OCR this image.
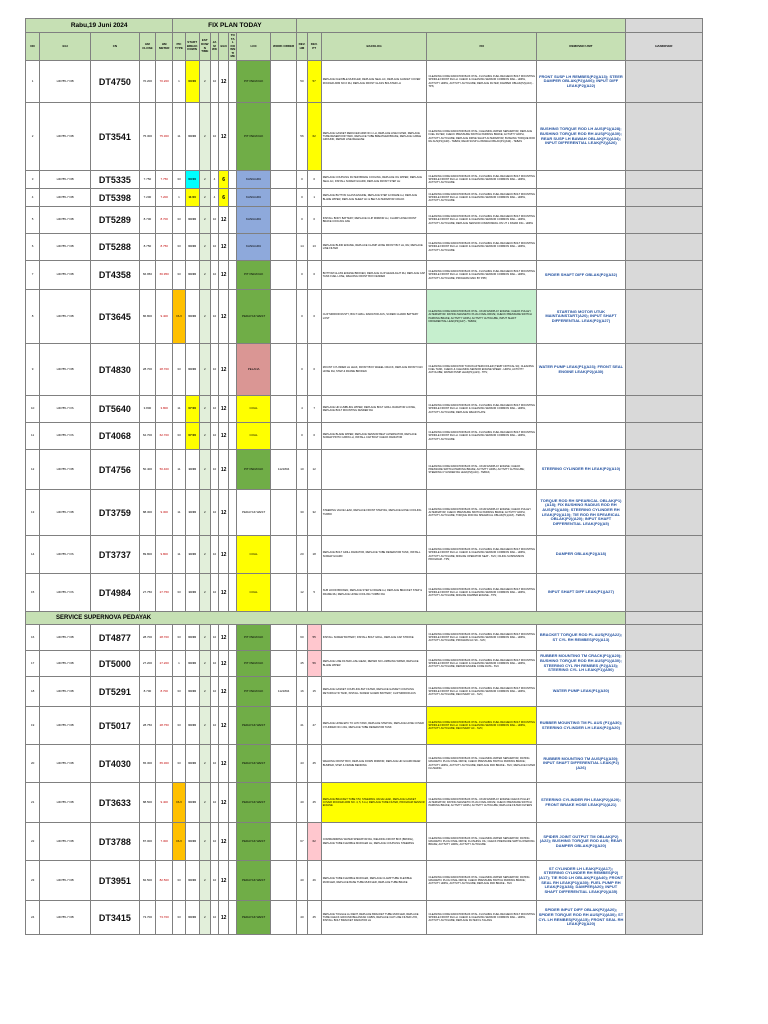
Rabu,19 Juni 2024					FIX PLAN TODAY													
NO	EGI	CN	HM CLOSE	HM METER	PIC TYPE	START BREAKDOWN	EST DOWN TIME	JAM WK	BLN	TOTAL DOWN TIME	LOC	WORK ORDER	DEV. HM	DEV. PT	BACKLOG	FIX	REMOVED UNIT	HANDOVER
1	HD785-7 DB	DT4750	70.200	70.200	1	03:00	2	10	12		PIT PEDAYAK		50	57	REPLACE FLEXIBLE MUFFLER, REPLACE SEAL AC, REPLACE GASKET COVER ROCKER ARM NO.6 RH, REPLACE FRONT GLASS BOLSTER LH	CLEANING CORE RADIATOR BAIK OTAL. FLUSHING FUEL RECHECK BOLT MOUNTING SPINDLE FRONT RH LH. CHECK & CLEANING SENSOR COMMON RAIL - HDPH, ACTIVITY HDPH, ACTIVITY AUTOLUBE; REPLACE FILTER; DAMPER OBLAK(P2)(A10) - TPS;	FRONT SUSP LH REMBES(P2)(A13); STEER DAMPER OBLAK(P2)(A06); INPUT DIFF LEAK(P2)(A22)	
2	HD785-7 DB	DT3541	75.300	75.300	11	03:00	2	10	12		PIT PEDAYAK		56	62	REPLACE GASKET REDUCER ARM NO.1 LH, REPLACE LINE FILTER, REPLACE TUBE RESERVOIR TANK, REPLACE TUBE BREATHER BRAKE, REPLACE CABLE GROUND, REPAIR LINE RELEASE	CLEANING CORE RADIATOR BAIK OTAL; CLEANING WATER SEPARATOR, REPLACE FUEL FILTER, CHECK PRESSURE SWITCH PARKING BRAKE; ACTIVITY HDPH, ACTIVITY AUTOLUBE; REPLACE DRIVE SHAFT ALTERNATOR; BUSHING TORQUE ROD RH AUS(P1)(A30) - TEBAS; REAR SUSP LH BAWAH OBLAK(P1)(A34) - TEBAS	BUSHING TORQUE ROD LH AUS(P1)(A28); BUSHING TORQUE ROD RH AUS(P1)(A30); REAR SUSP LH BAWAH OBLAK(P1)(A34); INPUT DIFFERENTIAL LEAK(P2)(A26)	
3	HD785-7 DB	DT5335	7.750	7.750	33	03:00	2	4	6		KANGGRU		0	0	REPLACE COUPLING FILTER BRAKE COOLING, REPLACE OIL WIPER, REPLACE SEAL AC, INSTALL SCREW GUARD, REPLACE FRONT STEP LH	CLEANING CORE RADIATOR BAIK OTAL, FLUSHING FUEL RECHECK BOLT MOUNTING SPINDLE FRONT RH LH. CHECK & CLEANING SENSOR COMMON RAIL - HDPH, ACTIVITY AUTOLUBE		
4	HD785-7 DB	DT5398	7.200	7.200	1	11:00	2	4	6		KANGGRU		0	1	REPLACE BUTTON GLASS ENGINE, REPLACE STEP & FRAME LH, REPLACE BLADE WIPER, REPLACE SHEET AC & BELT ALTERNATOR CRACK	CLEANING CORE RADIATOR BAIK OTAL. FLUSHING FUEL RECHECK BOLT MOUNTING SPINDLE FRONT RH LH. CHECK & CLEANING SENSOR COMMON RAIL - HDPH, ACTIVITY AUTOLUBE		
5	HD785-7 DB	DT5289	8.700	8.700	33	03:00	2	10	12		KANGGRU		0	0	INSTALL BODY BATTERY, REPLACE CLIP MIRROR LH, CLAMP HOSE FRONT BRAKE COOLING AXE	CLEANING CORE RADIATOR BAIK OTAL. FLUSHING FUEL RECHECK BOLT MOUNTING SPINDLE FRONT RH LH. CHECK & CLEANING SENSOR COMMON RAIL - HDPH, ACTIVITY AUTOLUBE; REPLACE SENSOR COMMONRAIL ON UT 1 KIMAR ING - HDPH		
6	HD785-7 DB	DT5288	8.750	8.750	33	03:00	2	10	12		KANGGRU		14	13	REPLACE BLIND ENGINE, REPLACE CLAMP HOSE FRONT BLT LH, RH; REPLACE LINE FILTER	CLEANING CORE RADIATOR BAIK OTAL. FLUSHING FUEL RECHECK BOLT MOUNTING SPINDLE FRONT RH LH. CHECK & CLEANING SENSOR COMMON RAIL - HDPH, ACTIVITY AUTOLUBE		
7	HD785-7 DB	DT4358	66.950	66.950	33	03:00	2	10	12		PIT PEDAYAK		0	0	BOTTOM GLASS ENGINE BROKEN, REPLACE CLIP HEADLIGHT RH, REPLACE CAP TANK FUEL LOSE, WELDING FRONT BOX FENDER	CLEANING CORE RADIATOR BAIK OTAL. FLUSHING FUEL RECHECK BOLT MOUNTING SPINDLE FRONT RH LH. CHECK & CLEANING SENSOR COMMON RAIL - HDPH, ACTIVITY AUTOLUBE; PROGRAM GMC BY PPD;	SPIDER SHAFT DIFF OBLAK(P2)(A32)	
8	HD785-7 DB	DT3645	86.800	9.400	DUI	03:00	2	10	12		PEDAYAK WEST		0	0	CLIP MIRROR RUSTY, BOLT GRILL RADIATOR AUS, SCREW GUARD BATTERY LOST	CLEANING CORE RADIATOR BAIK OTAL. UKUR ENDPLAY ENGINE; CHECK PULLEY ALTERNATOR. RATING MAGNETIC PLUG FINAL DRIVE; CHECK PRESSURE SWITCH PARKING BRAKE; ACTIVITY HDPH, ACTIVITY AUTOLUBE, INPUT SHAFT DIFFERENTIAL LEAK(P2)(A27) - TEBAS;	STARTING MOTOR UTUK MAINTAINSTART(A20); INPUT SHAFT DIFFERENTIAL LEAK(P2)(A27)	
9	HD785-7 DB	DT4830	28.700	28.700	33	03:00	2	10	12		PELANA		0	0	MOUNT CYLINDER LH LEAK, FRONT BOX WHEEL CRACK, REPLACE FRONT FAN HOSE RH, STEP & FRAME BROKEN	CLEANING CORE RADIATOR TURUN AFTERCOOLER (TEMP CRITICAL 94); CLEANING FUEL TANK, CHECK & CLEANING SENSOR ENGINE SPEED - HDPH, ACTIVITY AUTOLUBE; WATER PUMP LEAK(P1)(A23) - TPS;	WATER PUMP LEAK(P1)(A23); FRONT SEAL ENGINE LEAK(P2)(A30)	
10	HD785-7 DS	DT5640	3.800	3.800	11	07:00	2	10	12		COAL		4	7	REPLACE HD LUMBLING WIPER, REPLACE BOLT GRILL RADIATOR LOOSE, REPLACE BOLT MOUNTING FENDER RH	CLEANING CORE RADIATOR BAIK OTAL. FLUSHING FUEL RECHECK BOLT MOUNTING SPINDLE FRONT RH LH. CHECK & CLEANING SENSOR COMMON RAIL - HDPH, ACTIVITY AUTOLUBE; REPLACE WEAR PLATE		
11	HD785-7 DS	DT4068	62.700	62.700	33	07:00	2	10	12		COAL		0	0	REPLACE BLADE WIPER, REPLACE SENSOR BELT ALTERNATOR, REPLACE SCREW PINTU CABIN LH, INSTALL CAP BOLT CHECK RADIATOR	CLEANING CORE RADIATOR BAIK OTAL. FLUSHING FUEL RECHECK BOLT MOUNTING SPINDLE FRONT RH LH. CHECK & CLEANING SENSOR COMMON RAIL - HDPH, ACTIVITY AUTOLUBE		
12	HD785-7 DB	DT4756	50.400	50.400	11	13:00	2	10	12		PIT PEDAYAK	1121804	10	12		CLEANING CORE RADIATOR BAIK OTAL. UKUR ENDPLAY ENGINE; CHECK PRESSURE SWITCH PARKING BRAKE; ACTIVITY HDPH, ACTIVITY AUTOLUBE; STEERING CYLINDER RH LEAK(P2)(A10) - TEBAS;	STEERING CYLINDER RH LEAK(P2)(A10)	
13	HD785-7 DB	DT3759	88.300	9.300	11	13:00	2	10	12		PEDAYAK WEST		30	32	STEERING VALVE LEAK, REPLACE FRONT STEP RH, REPLACE HOSE COOLING TURBO	CLEANING CORE RADIATOR BAIK OTAL. UKUR ENDPLAY ENGINE; CHECK PULLEY ALTERNATOR; CHECK PRESSURE SWITCH PARKING BRAKE; ACTIVITY HDPH, ACTIVITY AUTOLUBE; TORQUE ROD RH SPEARICAL OBLAK(P1)(A18) - TEBAS;	TORQUE ROD RH SPEARICAL OBLAK(P1)(A18); FIX BUSHING RADIUS ROD RH AUS(P1)(A80); STEERING CYLINDER RH LEAK(P2)(A10); TIE ROD RH SPEARICAL OBLAK(P2)(A20); INPUT SHAFT DIFFERENTIAL LEAK(P2)(A5)	
14	HD785-7 DS	DT3737	89.800	9.800	11	13:00	2	10	12		COAL		20	18	REPLACE BOLT GRILL RADIATOR, REPLACE TUBE RESERVOIR TANK, INSTALL SCREW GUARD	CLEANING CORE RADIATOR BAIK OTAL. FLUSHING FUEL RECHECK BOLT MOUNTING SPINDLE FRONT RH LH. CHECK & CLEANING SENSOR COMMON RAIL - HDPH, ACTIVITY AUTOLUBE; MIDLIFE OPERATOR SEAT - SVC; OILING SUSPENSION PROGRAM - TPS;	DAMPER OBLAK(P2)(A18)	
15	HD785-7 DS	DT4984	27.750	27.750	33	13:00	2	10	12		COAL		12	5	SUB HOOD BROKEN, REPLACE STEP & FRAME LH, REPLACE BRACKET STEP & FRAME RH, REPLACE HOSE COOLING TURBO RH	CLEANING CORE RADIATOR BAIK OTAL. FLUSHING FUEL RECHECK BOLT MOUNTING SPINDLE FRONT RH LH. CHECK & CLEANING SENSOR COMMON RAIL - HDPH, ACTIVITY AUTOLUBE; MIDLIFE DAMPER ENGINE - TPS;	INPUT SHAFT DIFF LEAK(P1)(A27)	
SERVICE SUPERNOVA PEDAYAK																		
16	HD785-7 DB	DT4877	28.700	28.700	33	03:00	2	10	12		PIT PEDAYAK		60	55	INSTALL SCREW BATTERY, INSTALL BOLT GRILL, REPLACE CAP STROKE	CLEANING CORE RADIATOR BAIK OTAL. FLUSHING FUEL RECHECK BOLT MOUNTING SPINDLE FRONT RH LH. CHECK & CLEANING SENSOR COMMON RAIL - HDPH, ACTIVITY AUTOLUBE; PROGRAM AC SK - SVC;	BRACKET TORQUE ROD PL AUS(P2)(A22); ST CYL RH REMBES(P2)(A13)	
17	HD785-7 DB	DT5000	27.200	27.200	1	03:00	2	10	12		PIT PEDAYAK		45	56	REPLACE LINE FILTER LASH HEAD, REPAIR NO LUMBLING WIPER, REPLACE BLADE WIPER	CLEANING CORE RADIATOR BAIK OTAL. FLUSHING FUEL RECHECK BOLT MOUNTING SPINDLE FRONT RH LH. CHECK & CLEANING SENSOR COMMON RAIL - HDPH, ACTIVITY AUTOLUBE; REPAIR ENGINE CODE DATA - SVC	RUBBER MOUNTING TM CRACK(P1)(A20); BUSHING TORQUE ROD RH AUS(P1)(A30); STEERING CYL RH REMBES (P2)(A13); STEERING CYL LH LEAK(P1)(A50)	
18	HD785-7 DB	DT5291	8.700	8.700	33	03:00	2	10	12		PIT PEDAYAK	1121804	16	15	REPLACE GASKET COUPLING BLT FILTER, REPLACE GASKET COUPLING RETURN HYD TANK, INSTALL SCREW GUARD BATTERY, CLIP MIRROR AUS	CLEANING CORE RADIATOR BAIK OTAL. FLUSHING FUEL RECHECK BOLT MOUNTING SPINDLE FRONT RH LH. CHECK & CLEANING SENSOR COMMON RAIL - HDPH, ACTIVITY AUTOLUBE; RECOVERY AC - SVC;	WATER PUMP LEAK(P1)(A30)	
19	HD785-7 DB	DT5017	28.750	28.750	33	03:00	2	10	12		PEDAYAK WEST		41	47	REPLACE HOSE EPC TO HYD TANK, REPLACE STEP RH, REPLACE HOSE COVER CYLINDER NO.1 RH, REPLACE TUBE RESERVOIR TANK	CLEANING CORE RADIATOR BAIK OTAL. FLUSHING FUEL RECHECK BOLT MOUNTING SPINDLE FRONT RH LH. CHECK & CLEANING SENSOR COMMON RAIL - HDPH, ACTIVITY AUTOLUBE; RECOVERY AC - SVC;	RUBBER MOUNTING TM PL AUS (P1)(A30); STEERING CYLINDER LH LEAK(P2)(A20)	
20	HD785-7 DB	DT4030	65.300	65.300	33	03:00	2	10	12		PEDAYAK WEST		43	45	WELDING FRONT BOX, REPLACE DOWN MIRROR, REPLACE HD GUARD REAR BUMPER, STEP & FRAME BENDING	CLEANING CORE RADIATOR BAIK OTAL; CLEANING WATER SEPARATOR, RATING MAGNETIC PLUG FINAL DRIVE; CHECK PRESSURE SWITCH PARKING BRAKE; ACTIVITY HDPH, ACTIVITY AUTOLUBE; REPLACE PAD BRAKE - SVC; REPLACE FILTER FLUSHING	RUBBER MOUNTING TM AUS(P1)(A30); INPUT SHAFT DIFFERENTIAL LEAK(P2)(A26)	
21	HD785-7 DB	DT3633	88.500	9.400	DUI	03:00	2	10	12		PEDAYAK WEST		40	45	REPLACE BRACKET TUBE T/M, STEERING VALVE LEAK, REPLACE GASKET COVER ROCKER ARM NO. 4, 5, 6 LH, REPLACE TUBE FILTER, PROGRAM SENSOR ENGINE	CLEANING CORE RADIATOR BAIK OTAL. UKUR ENDPLAY ENGINE CHECK PULLEY ALTERNATOR, RATING MAGNETIC PLUG FINAL DRIVE; CHECK PRESSURE SWITCH PARKING BRAKE; ACTIVITY HDPH, ACTIVITY AUTOLUBE; REPLACE FILTER FILTERS	STEERING CYLINDER RH LEAK(P2)(A20); FRONT BRAKE HOSE LEAK(P1)(A21)	
22	HD785-7 DB	DT3788	87.000	7.300	DUI	03:00	2	10	12		PEDAYAK WEST		67	62	COMMANDRING WATER SPERATOR RH, WELDING FRONT BOX (BROKE), REPLACE TUBE FLEXIBLE MUFFLER LH, REPLACE COUPLING STEERING	CLEANING CORE RADIATOR BAIK OTAL; CLEANING WATER SEPARATOR, RATING MAGNETIC PLUG FINAL DRIVE; FLUSHING OIL; CHECK PRESSURE SWITCH PARKING BRAKE; ACTIVITY HDPH, ACTIVITY AUTOLUBE	SPIDER JOINT OUTPUT TM OBLAK(P2)(A22); BUSHING TORQUE ROD AUS; REAR DAMPER OBLAK(P2)(A20)	
23	HD785-7 DB	DT3951	82.500	82.500	33	03:00	2	10	12		PEDAYAK WEST		40	46	REPLACE TUBE FLEXIBLE MUFFLER, REPLACE CLAMP TUBE FLEXIBLE MUFFLER, REPLACE BASE TUBE MUFFLER, REPLACE TUBE BRAKE	CLEANING CORE RADIATOR BAIK OTAL; CLEANING WATER SEPARATOR, RATING MAGNETIC PLUG FINAL DRIVE; CHECK PRESSURE SWITCH PARKING BRAKE; ACTIVITY HDPH, ACTIVITY AUTOLUBE; REPLACE PAD BRAKE - SVC	ST CYLINDER LH LEAK(P1)(A17); STEERING CYLINDER RH REMBES(P2)(A17); TIE ROD LH OBLAK(P1)(A40); FRONT SEAL RH LEAK(P1)(A30); FUEL PUMP RH LEAK(P2)(A38); DAMPER(A20); INPUT SHAFT DIFFERENTIAL LEAK(P2)(A35)	
24	HD785-7 DB	DT3415	73.700	73.700	33	03:00	2	10	12		PEDAYAK WEST		40	45	REPLACE TOGGLE LH DENT, REPLACE BRACKET TUBE MUFFLER, REPLACE TUBE CHECK GROUND BELANKAN CABIN, REPLACE CLIP LINE FILTER HYD, INSTALL BOLT BRACKET RADIATOR LH	CLEANING CORE RADIATOR BAIK OTAL. FLUSHING FUEL RECHECK BOLT MOUNTING SPINDLE FRONT RH LH. CHECK & CLEANING SENSOR COMMON RAIL - HDPH, ACTIVITY AUTOLUBE; REPLACE FILTER FL TALANG	SPIDER INPUT DIFF OBLAK(P2)(A20); SPIDER TORQUE ROD RH AUS(P1)(A30); ST CYL LH REMBES(P2)(A15); FRONT SEAL RH LEAK(P2)(A20)	
